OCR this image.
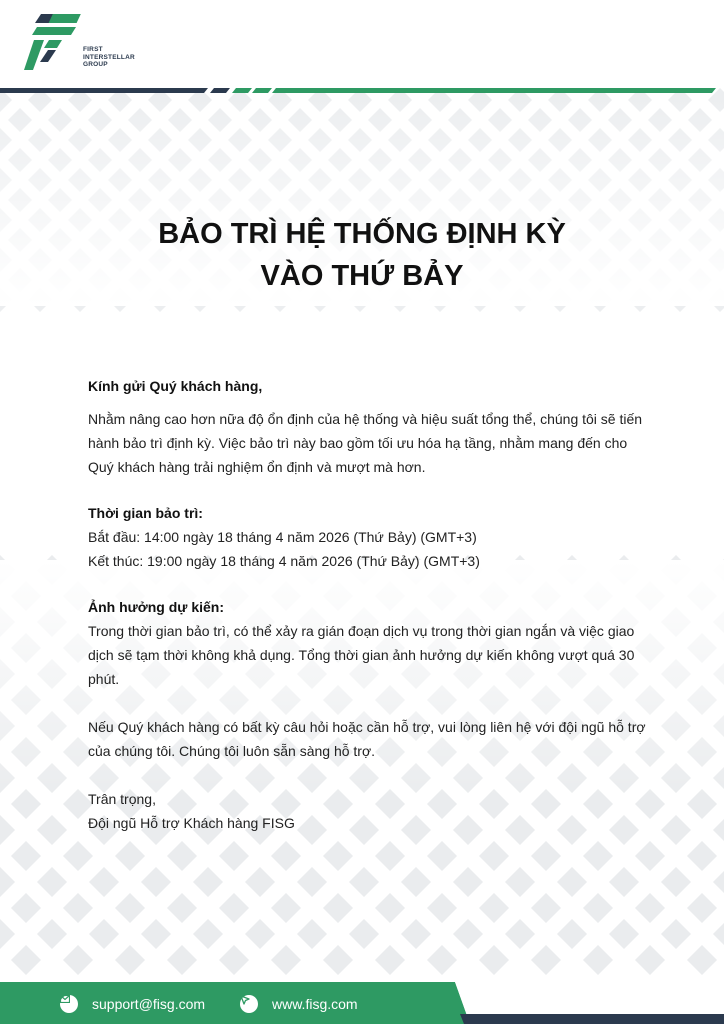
FIRST
INTERSTELLAR
GROUP
BẢO TRÌ HỆ THỐNG ĐỊNH KỲ
VÀO THỨ BẢY

Kính gửi Quý khách hàng,

Nhằm nâng cao hơn nữa độ ổn định của hệ thống và hiệu suất tổng thể, chúng tôi sẽ tiến hành bảo trì định kỳ. Việc bảo trì này bao gồm tối ưu hóa hạ tầng, nhằm mang đến cho Quý khách hàng trải nghiệm ổn định và mượt mà hơn.

Thời gian bảo trì:

Bắt đầu: 14:00 ngày 18 tháng 4 năm 2026 (Thứ Bảy) (GMT+3)

Kết thúc: 19:00 ngày 18 tháng 4 năm 2026 (Thứ Bảy) (GMT+3)

Ảnh hưởng dự kiến:

Trong thời gian bảo trì, có thể xảy ra gián đoạn dịch vụ trong thời gian ngắn và việc giao dịch sẽ tạm thời không khả dụng. Tổng thời gian ảnh hưởng dự kiến không vượt quá 30 phút.

Nếu Quý khách hàng có bất kỳ câu hỏi hoặc cần hỗ trợ, vui lòng liên hệ với đội ngũ hỗ trợ của chúng tôi. Chúng tôi luôn sẵn sàng hỗ trợ.

Trân trọng,

Đội ngũ Hỗ trợ Khách hàng FISG

support@fisg.com	www.fisg.com
